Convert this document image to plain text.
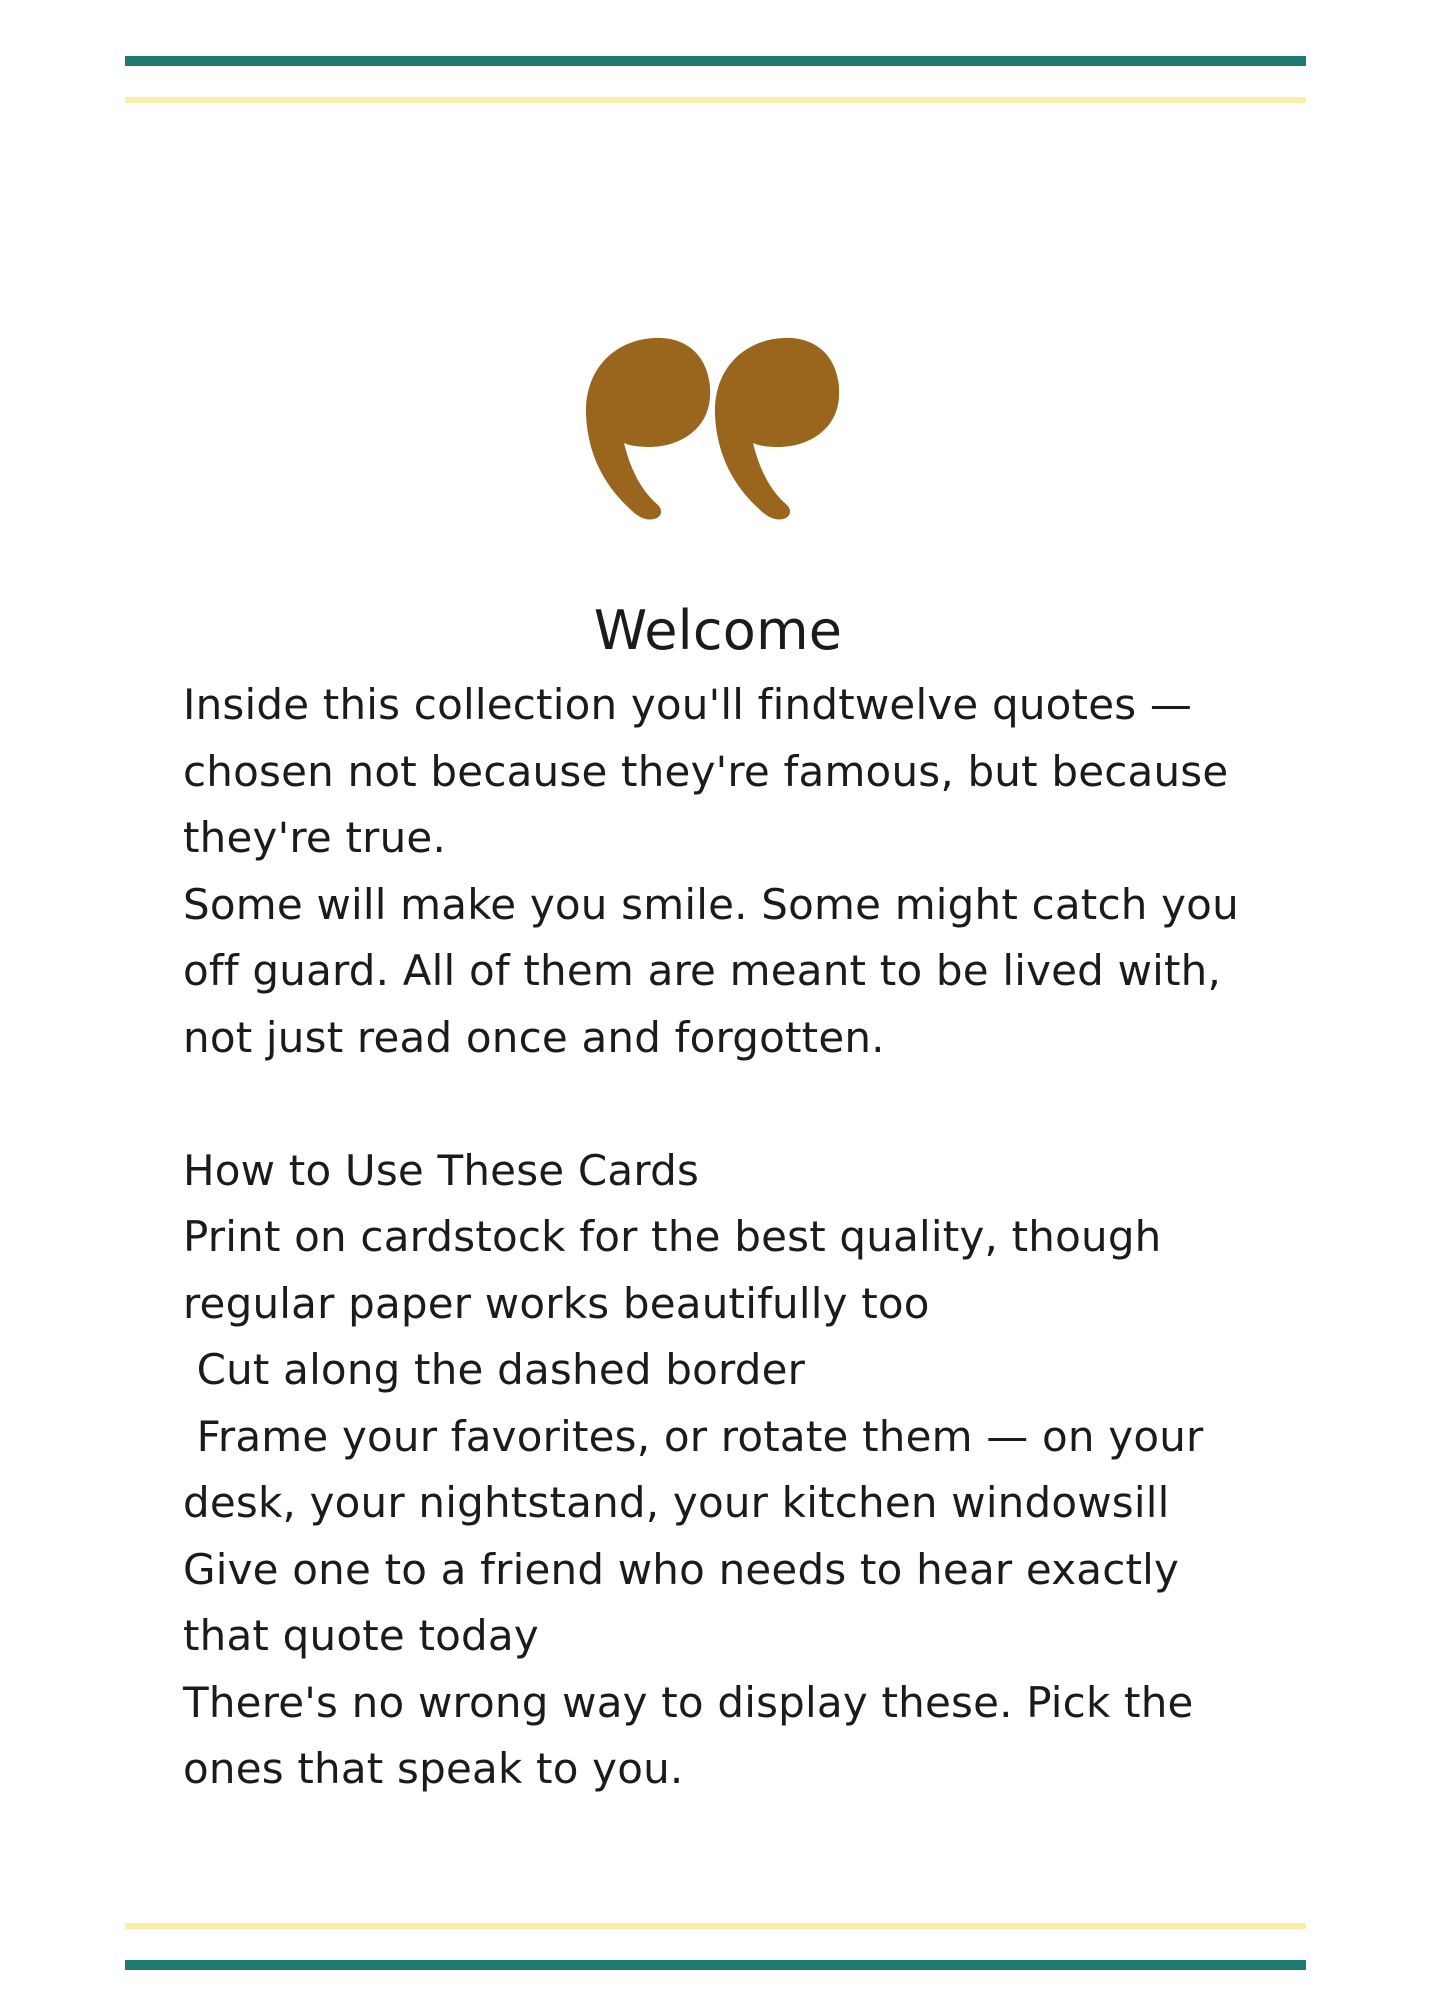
Welcome

Inside this collection you'll findtwelve quotes — chosen not because they're famous, but because they're true.

Some will make you smile. Some might catch you off guard. All of them are meant to be lived with, not just read once and forgotten.

How to Use These Cards

Print on cardstock for the best quality, though regular paper works beautifully too

Cut along the dashed border

Frame your favorites, or rotate them — on your desk, your nightstand, your kitchen windowsill

Give one to a friend who needs to hear exactly that quote today

There's no wrong way to display these. Pick the ones that speak to you.
